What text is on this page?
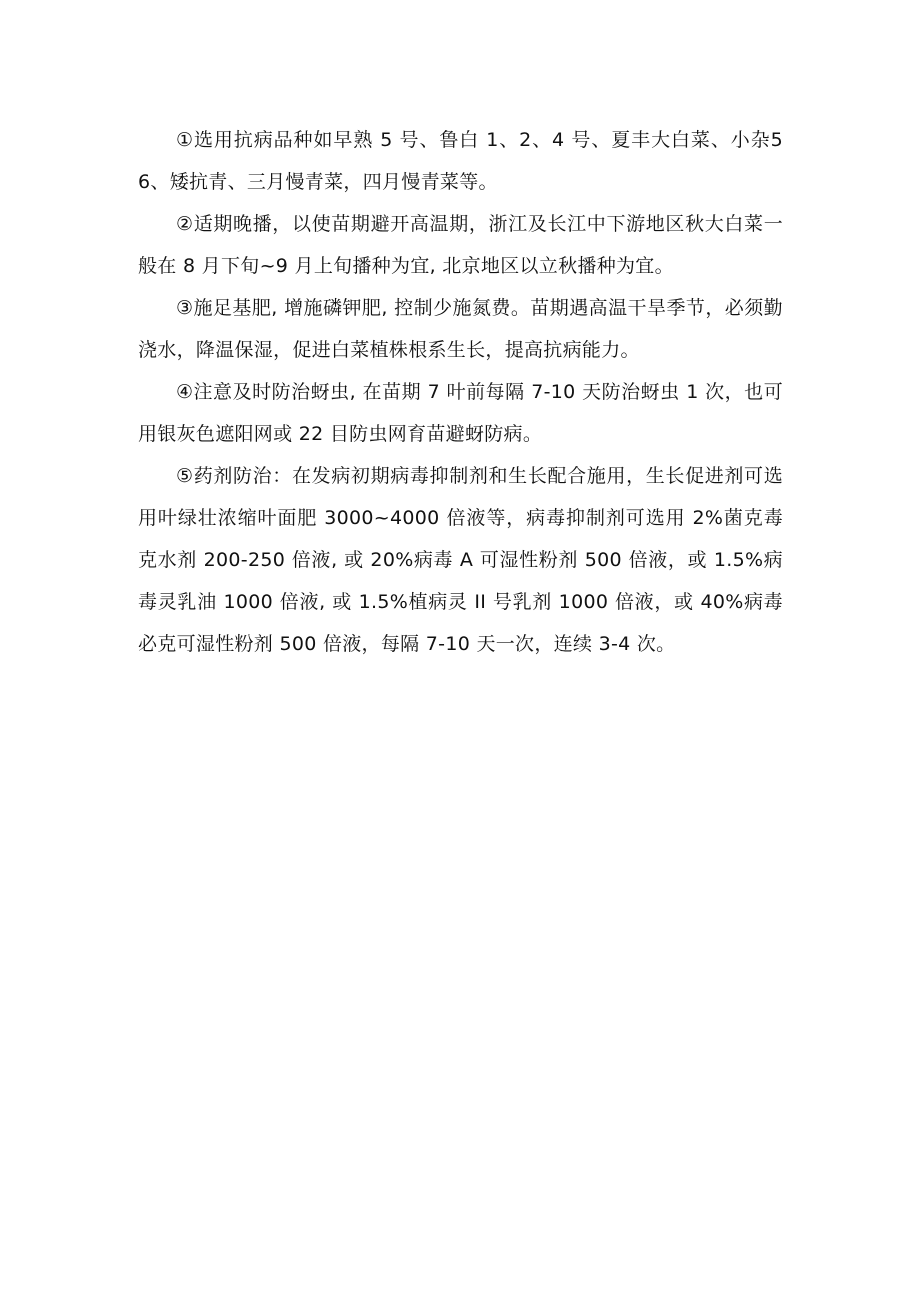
①选用抗病品种如早熟 5 号、鲁白 1、2、4 号、夏丰大白菜、小杂56、矮抗青、三月慢青菜，四月慢青菜等。

②适期晚播，以使苗期避开高温期，浙江及长江中下游地区秋大白菜一般在 8 月下旬~9 月上旬播种为宜, 北京地区以立秋播种为宜。

③施足基肥, 增施磷钾肥, 控制少施氮费。苗期遇高温干旱季节，必须勤浇水，降温保湿，促进白菜植株根系生长，提高抗病能力。

④注意及时防治蚜虫, 在苗期 7 叶前每隔 7-10 天防治蚜虫 1 次，也可用银灰色遮阳网或 22 目防虫网育苗避蚜防病。

⑤药剂防治：在发病初期病毒抑制剂和生长配合施用，生长促进剂可选用叶绿壮浓缩叶面肥 3000~4000 倍液等，病毒抑制剂可选用 2%菌克毒克水剂 200-250 倍液, 或 20%病毒 A 可湿性粉剂 500 倍液，或 1.5%病毒灵乳油 1000 倍液, 或 1.5%植病灵 II 号乳剂 1000 倍液，或 40%病毒必克可湿性粉剂 500 倍液，每隔 7-10 天一次，连续 3-4 次。
